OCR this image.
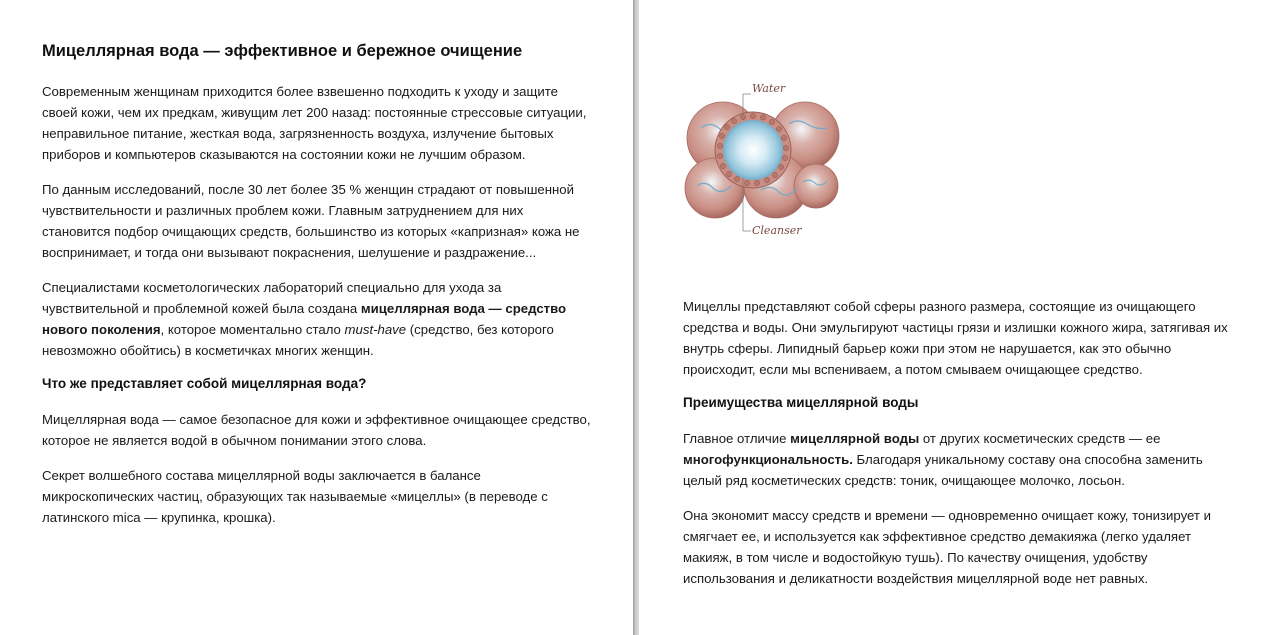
Мицеллярная вода — эффективное и бережное очищение

Современным женщинам приходится более взвешенно подходить к уходу и защите своей кожи, чем их предкам, живущим лет 200 назад: постоянные стрессовые ситуации, неправильное питание, жесткая вода, загрязненность воздуха, излучение бытовых приборов и компьютеров сказываются на состоянии кожи не лучшим образом.

По данным исследований, после 30 лет более 35 % женщин страдают от повышенной чувствительности и различных проблем кожи. Главным затруднением для них становится подбор очищающих средств, большинство из которых «капризная» кожа не воспринимает, и тогда они вызывают покраснения, шелушение и раздражение...

Специалистами косметологических лабораторий специально для ухода за чувствительной и проблемной кожей была создана мицеллярная вода — средство нового поколения, которое моментально стало must-have (средство, без которого невозможно обойтись) в косметичках многих женщин.

Что же представляет собой мицеллярная вода?

Мицеллярная вода — самое безопасное для кожи и эффективное очищающее средство, которое не является водой в обычном понимании этого слова.

Секрет волшебного состава мицеллярной воды заключается в балансе микроскопических частиц, образующих так называемые «мицеллы» (в переводе с латинского mica — крупинка, крошка).

Water
Cleanser

Мицеллы представляют собой сферы разного размера, состоящие из очищающего средства и воды. Они эмульгируют частицы грязи и излишки кожного жира, затягивая их внутрь сферы. Липидный барьер кожи при этом не нарушается, как это обычно происходит, если мы вспениваем, а потом смываем очищающее средство.

Преимущества мицеллярной воды

Главное отличие мицеллярной воды от других косметических средств — ее многофункциональность. Благодаря уникальному составу она способна заменить целый ряд косметических средств: тоник, очищающее молочко, лосьон.

Она экономит массу средств и времени — одновременно очищает кожу, тонизирует и смягчает ее, и используется как эффективное средство демакияжа (легко удаляет макияж, в том числе и водостойкую тушь). По качеству очищения, удобству использования и деликатности воздействия мицеллярной воде нет равных.
